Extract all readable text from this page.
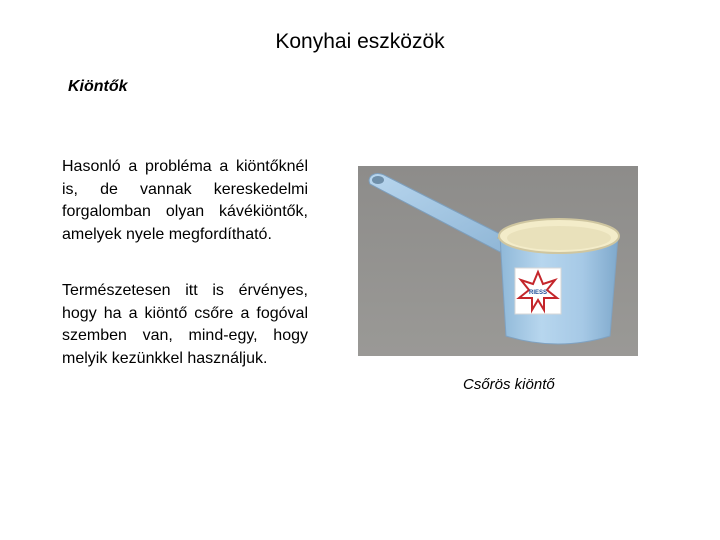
Konyhai eszközök
Kiöntők
Hasonló a probléma a kiöntőknél is, de vannak kereskedelmi forgalomban olyan kávékiöntők, amelyek nyele megfordítható.
Természetesen itt is érvényes, hogy ha a kiöntő csőre a fogóval szemben van, mind-egy, hogy melyik kezünkkel használjuk.
RIESS
Csőrös kiöntő
